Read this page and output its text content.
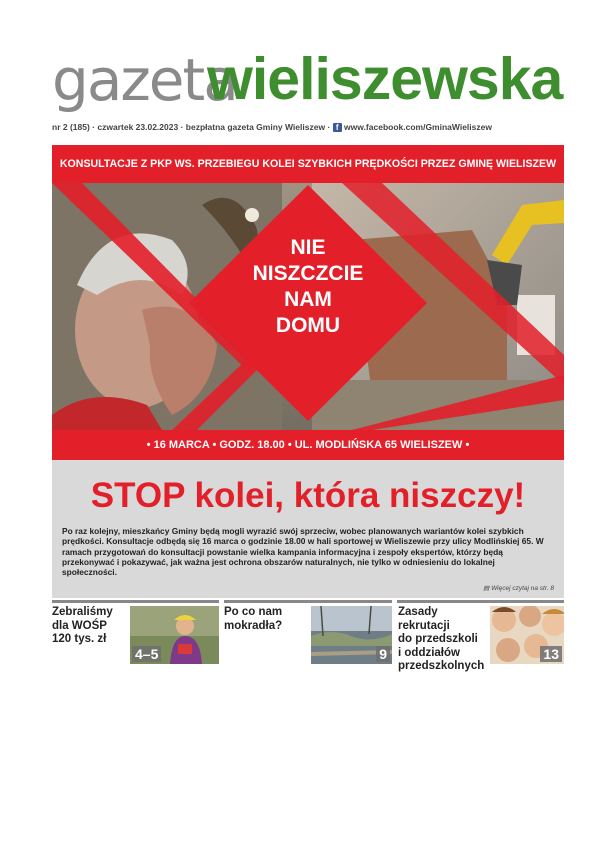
gazeta
wieliszewska
nr 2 (185) · czwartek 23.02.2023 · bezpłatna gazeta Gminy Wieliszew · f www.facebook.com/GminaWieliszew
KONSULTACJE Z PKP WS. PRZEBIEGU KOLEI SZYBKICH PRĘDKOŚCI PRZEZ GMINĘ WIELISZEW
NIE
NISZCZCIE
NAM
DOMU
• 16 MARCA • GODZ. 18.00 • UL. MODLIŃSKA 65 WIELISZEW •
STOP kolei, która niszczy!
Po raz kolejny, mieszkańcy Gminy będą mogli wyrazić swój sprzeciw, wobec planowanych wariantów kolei szybkich prędkości. Konsultacje odbędą się 16 marca o godzinie 18.00 w hali sportowej w Wieliszewie przy ulicy Modlińskiej 65. W ramach przygotowań do konsultacji powstanie wielka kampania informacyjna i zespoły ekspertów, którzy będą przekonywać i pokazywać, jak ważna jest ochrona obszarów naturalnych, nie tylko w odniesieniu do lokalnej społeczności.
▤ Więcej czytaj na str. 8
Zebraliśmy
dla WOŚP
120 tys. zł
4–5
Po co nam
mokradła?
9
Zasady rekrutacji
do przedszkoli
i oddziałów
przedszkolnych
13
